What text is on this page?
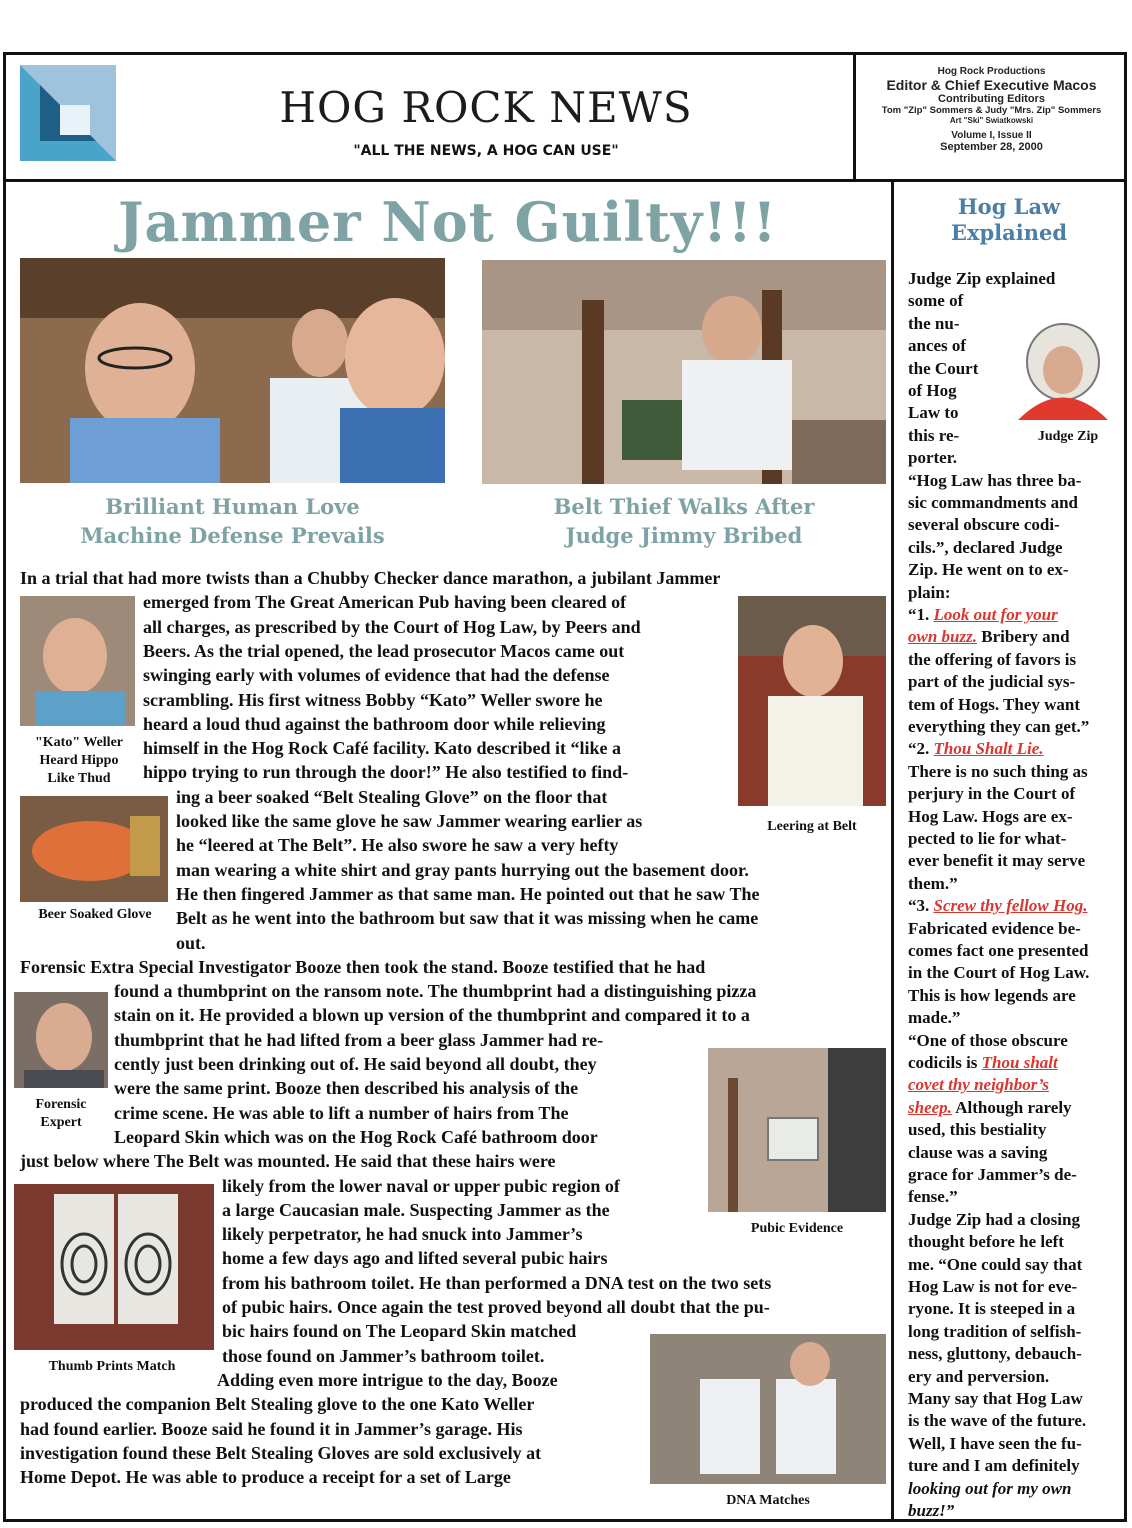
HOG ROCK NEWS
"ALL THE NEWS, A HOG CAN USE"
Hog Rock Productions
Editor & Chief Executive Macos
Contributing Editors
Tom "Zip" Sommers & Judy "Mrs. Zip" Sommers
Art "Ski" Swiatkowski
Volume I, Issue II
September 28, 2000
Jammer Not Guilty!!!
Brilliant Human Love
Machine Defense Prevails
Belt Thief Walks After
Judge Jimmy Bribed
"Kato" Weller
Heard Hippo
Like Thud
Leering at Belt
Beer Soaked Glove
Forensic
Expert
Pubic Evidence
Thumb Prints Match
DNA Matches
In a trial that had more twists than a Chubby Checker dance marathon, a jubilant Jammer
emerged from The Great American Pub having been cleared of
all charges, as prescribed by the Court of Hog Law, by Peers and
Beers. As the trial opened, the lead prosecutor Macos came out
swinging early with volumes of evidence that had the defense
scrambling. His first witness Bobby “Kato” Weller swore he
heard a loud thud against the bathroom door while relieving
himself in the Hog Rock Café facility. Kato described it “like a
hippo trying to run through the door!” He also testified to find-
ing a beer soaked “Belt Stealing Glove” on the floor that
looked like the same glove he saw Jammer wearing earlier as
he “leered at The Belt”. He also swore he saw a very hefty
man wearing a white shirt and gray pants hurrying out the basement door.
He then fingered Jammer as that same man. He pointed out that he saw The
Belt as he went into the bathroom but saw that it was missing when he came
out.
Forensic Extra Special Investigator Booze then took the stand. Booze testified that he had
found a thumbprint on the ransom note. The thumbprint had a distinguishing pizza
stain on it. He provided a blown up version of the thumbprint and compared it to a
thumbprint that he had lifted from a beer glass Jammer had re-
cently just been drinking out of. He said beyond all doubt, they
were the same print. Booze then described his analysis of the
crime scene. He was able to lift a number of hairs from The
Leopard Skin which was on the Hog Rock Café bathroom door
just below where The Belt was mounted. He said that these hairs were
likely from the lower naval or upper pubic region of
a large Caucasian male. Suspecting Jammer as the
likely perpetrator, he had snuck into Jammer’s
home a few days ago and lifted several pubic hairs
from his bathroom toilet. He than performed a DNA test on the two sets
of pubic hairs. Once again the test proved beyond all doubt that the pu-
bic hairs found on The Leopard Skin matched
those found on Jammer’s bathroom toilet.
Adding even more intrigue to the day, Booze
produced the companion Belt Stealing glove to the one Kato Weller
had found earlier. Booze said he found it in Jammer’s garage. His
investigation found these Belt Stealing Gloves are sold exclusively at
Home Depot. He was able to produce a receipt for a set of Large
Hog Law
Explained
Judge Zip
Judge Zip explained
some of
the nu-
ances of
the Court
of Hog
Law to
this re-
porter.
“Hog Law has three ba-
sic commandments and
several obscure codi-
cils.”, declared Judge
Zip. He went on to ex-
plain:
“1. Look out for your
own buzz. Bribery and
the offering of favors is
part of the judicial sys-
tem of Hogs. They want
everything they can get.”
“2. Thou Shalt Lie.
There is no such thing as
perjury in the Court of
Hog Law. Hogs are ex-
pected to lie for what-
ever benefit it may serve
them.”
“3. Screw thy fellow Hog.
Fabricated evidence be-
comes fact one presented
in the Court of Hog Law.
This is how legends are
made.”
“One of those obscure
codicils is Thou shalt
covet thy neighbor’s
sheep. Although rarely
used, this bestiality
clause was a saving
grace for Jammer’s de-
fense.”
Judge Zip had a closing
thought before he left
me. “One could say that
Hog Law is not for eve-
ryone. It is steeped in a
long tradition of selfish-
ness, gluttony, debauch-
ery and perversion.
Many say that Hog Law
is the wave of the future.
Well, I have seen the fu-
ture and I am definitely
looking out for my own
buzz!”
